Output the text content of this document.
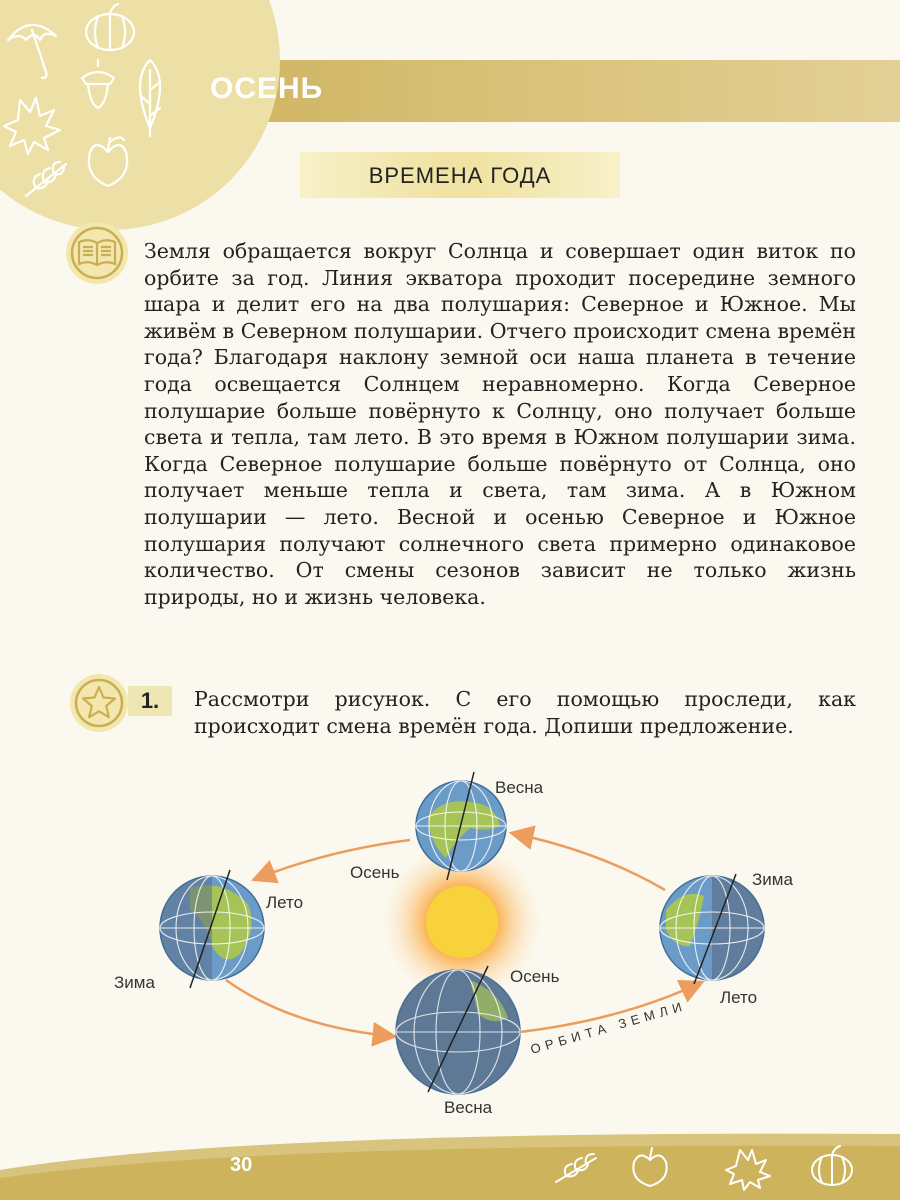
ОСЕНЬ
ВРЕМЕНА ГОДА

Земля обращается вокруг Солнца и совершает один виток по орбите за год. Линия экватора проходит посередине земного шара и делит его на два полушария: Северное и Южное. Мы живём в Северном полушарии. Отчего происходит смена времён года? Благодаря наклону земной оси наша планета в течение года освещается Солнцем неравномерно. Когда Северное полушарие больше повёрнуто к Солнцу, оно получает больше света и тепла, там лето. В это время в Южном полушарии зима. Когда Северное полушарие больше повёрнуто от Солнца, оно получает меньше тепла и света, там зима. А в Южном полушарии — лето. Весной и осенью Северное и Южное полушария получают солнечного света примерно одинаковое количество. От смены сезонов зависит не только жизнь природы, но и жизнь человека.

1.	Рассмотри рисунок. С его помощью проследи, как происходит смена времён года. Допиши предложение.

Весна
Осень
Лето
Зима
Зима
Лето
Осень
Весна
ОРБИТА ЗЕМЛИ
30
